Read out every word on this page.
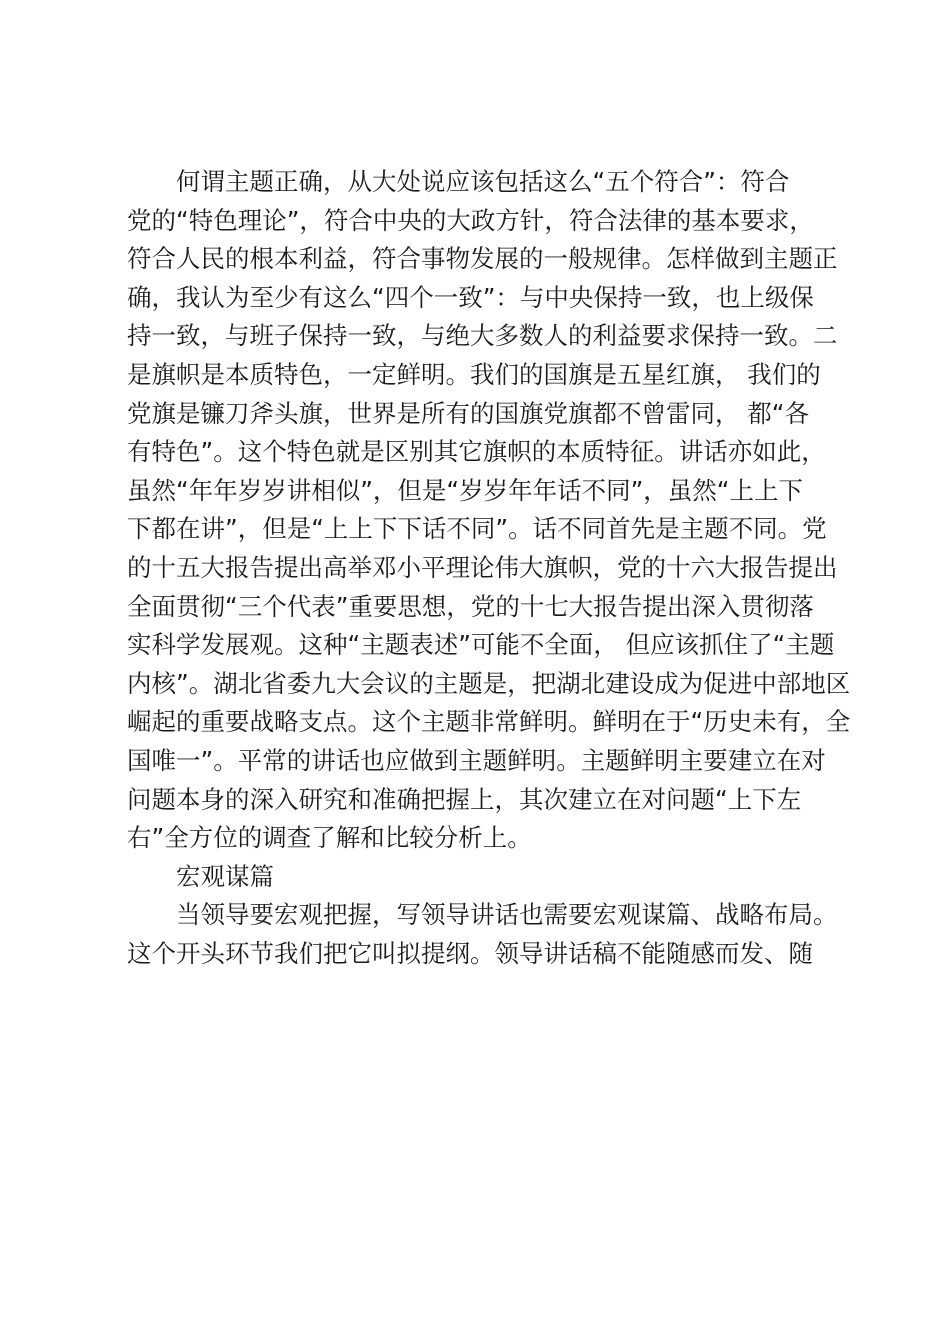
何谓主题正确，从大处说应该包括这么“五个符合”：符合
党的“特色理论”，符合中央的大政方针，符合法律的基本要求，
符合人民的根本利益，符合事物发展的一般规律。怎样做到主题正
确，我认为至少有这么“四个一致”：与中央保持一致，也上级保
持一致，与班子保持一致，与绝大多数人的利益要求保持一致。二
是旗帜是本质特色，一定鲜明。我们的国旗是五星红旗， 我们的
党旗是镰刀斧头旗，世界是所有的国旗党旗都不曾雷同， 都“各
有特色”。这个特色就是区别其它旗帜的本质特征。讲话亦如此，
虽然“年年岁岁讲相似”，但是“岁岁年年话不同”，虽然“上上下
下都在讲”，但是“上上下下话不同”。话不同首先是主题不同。党
的十五大报告提出高举邓小平理论伟大旗帜，党的十六大报告提出
全面贯彻“三个代表”重要思想，党的十七大报告提出深入贯彻落
实科学发展观。这种“主题表述”可能不全面， 但应该抓住了“主题
内核”。湖北省委九大会议的主题是，把湖北建设成为促进中部地区
崛起的重要战略支点。这个主题非常鲜明。鲜明在于“历史未有，全
国唯一”。平常的讲话也应做到主题鲜明。主题鲜明主要建立在对
问题本身的深入研究和准确把握上，其次建立在对问题“上下左
右”全方位的调查了解和比较分析上。
宏观谋篇
当领导要宏观把握，写领导讲话也需要宏观谋篇、战略布局。
这个开头环节我们把它叫拟提纲。领导讲话稿不能随感而发、随
